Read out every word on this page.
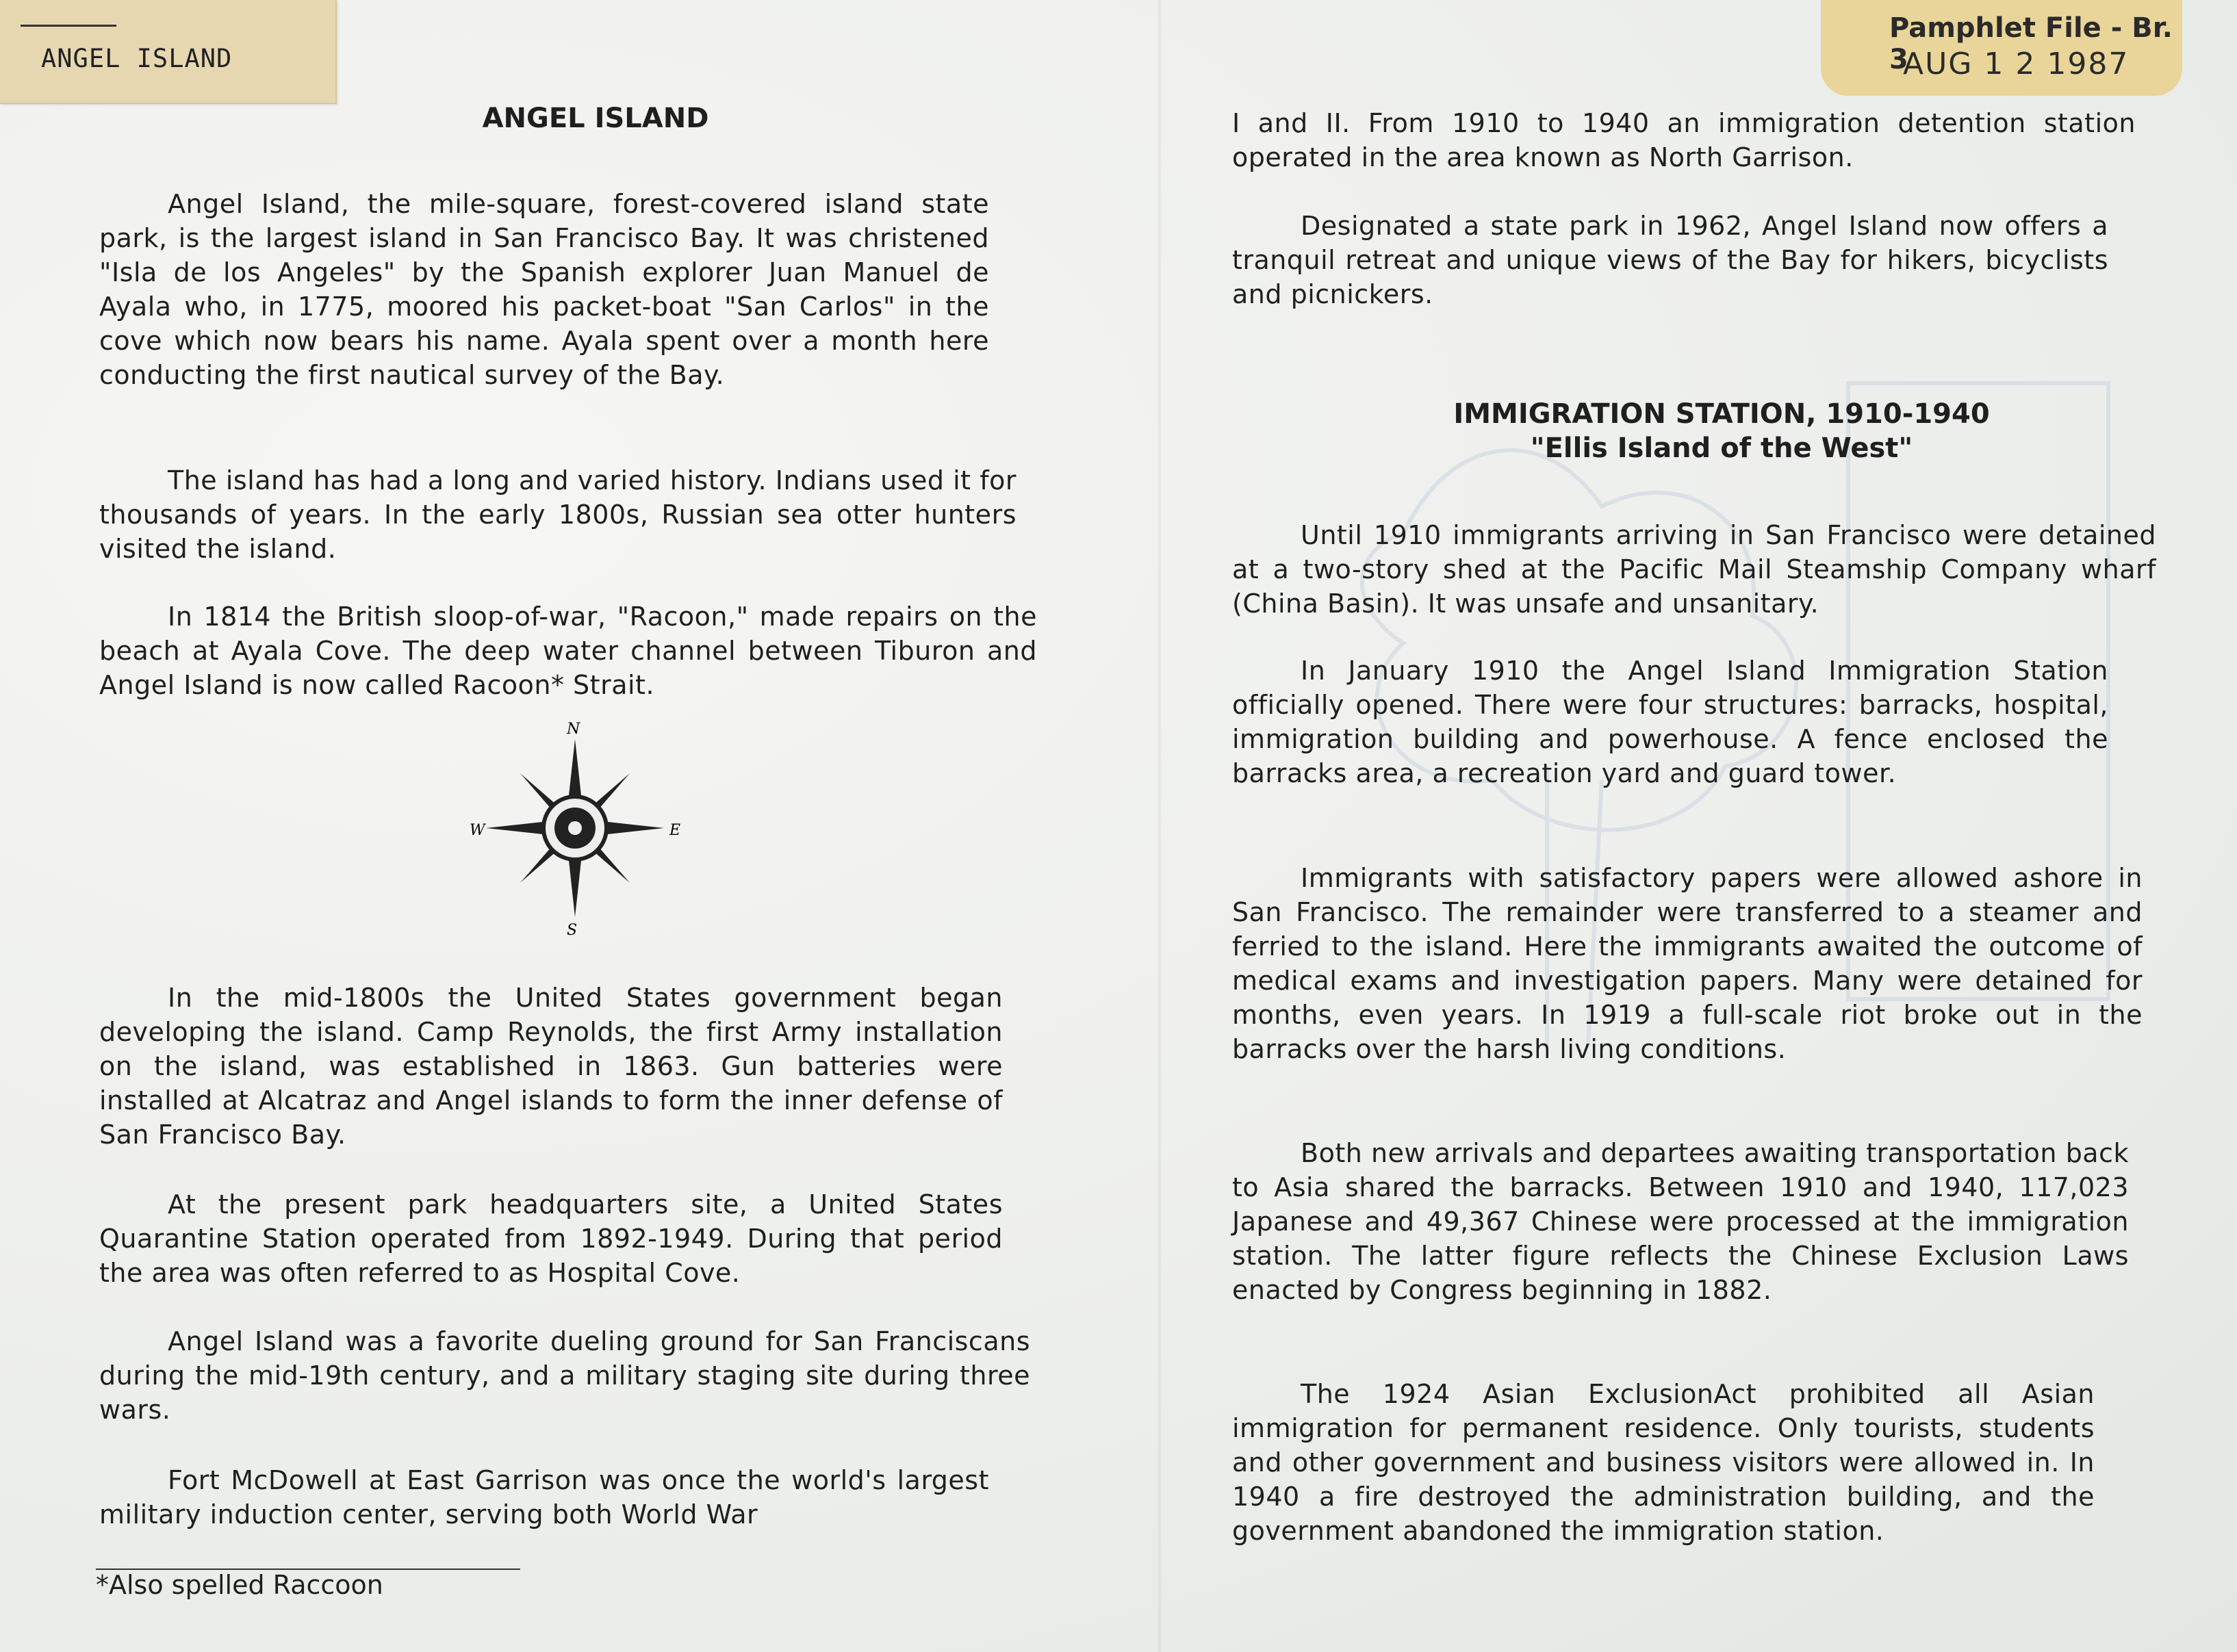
ANGEL ISLAND
Pamphlet File - Br. 3
AUG 1 2 1987
ANGEL ISLAND

Angel Island, the mile-square, forest-covered island state park, is the largest island in San Francisco Bay. It was christened "Isla de los Angeles" by the Spanish explorer Juan Manuel de Ayala who, in 1775, moored his packet-boat "San Carlos" in the cove which now bears his name. Ayala spent over a month here conducting the first nautical survey of the Bay.

The island has had a long and varied history. Indians used it for thousands of years. In the early 1800s, Russian sea otter hunters visited the island.

In 1814 the British sloop-of-war, "Racoon," made repairs on the beach at Ayala Cove. The deep water channel between Tiburon and Angel Island is now called Racoon* Strait.

N
S
E
W

In the mid-1800s the United States government began developing the island. Camp Reynolds, the first Army installation on the island, was established in 1863. Gun batteries were installed at Alcatraz and Angel islands to form the inner defense of San Francisco Bay.

At the present park headquarters site, a United States Quarantine Station operated from 1892-1949. During that period the area was often referred to as Hospital Cove.

Angel Island was a favorite dueling ground for San Franciscans during the mid-19th century, and a military staging site during three wars.

Fort McDowell at East Garrison was once the world's largest military induction center, serving both World War

*Also spelled Raccoon

I and II. From 1910 to 1940 an immigration detention station operated in the area known as North Garrison.

Designated a state park in 1962, Angel Island now offers a tranquil retreat and unique views of the Bay for hikers, bicyclists and picnickers.

IMMIGRATION STATION, 1910-1940
"Ellis Island of the West"

Until 1910 immigrants arriving in San Francisco were detained at a two-story shed at the Pacific Mail Steamship Company wharf (China Basin). It was unsafe and unsanitary.

In January 1910 the Angel Island Immigration Station officially opened. There were four structures: barracks, hospital, immigration building and powerhouse. A fence enclosed the barracks area, a recreation yard and guard tower.

Immigrants with satisfactory papers were allowed ashore in San Francisco. The remainder were transferred to a steamer and ferried to the island. Here the immigrants awaited the outcome of medical exams and investigation papers. Many were detained for months, even years. In 1919 a full-scale riot broke out in the barracks over the harsh living conditions.

Both new arrivals and departees awaiting transportation back to Asia shared the barracks. Between 1910 and 1940, 117,023 Japanese and 49,367 Chinese were processed at the immigration station. The latter figure reflects the Chinese Exclusion Laws enacted by Congress beginning in 1882.

The 1924 Asian ExclusionAct prohibited all Asian immigration for permanent residence. Only tourists, students and other government and business visitors were allowed in. In 1940 a fire destroyed the administration building, and the government abandoned the immigration station.
